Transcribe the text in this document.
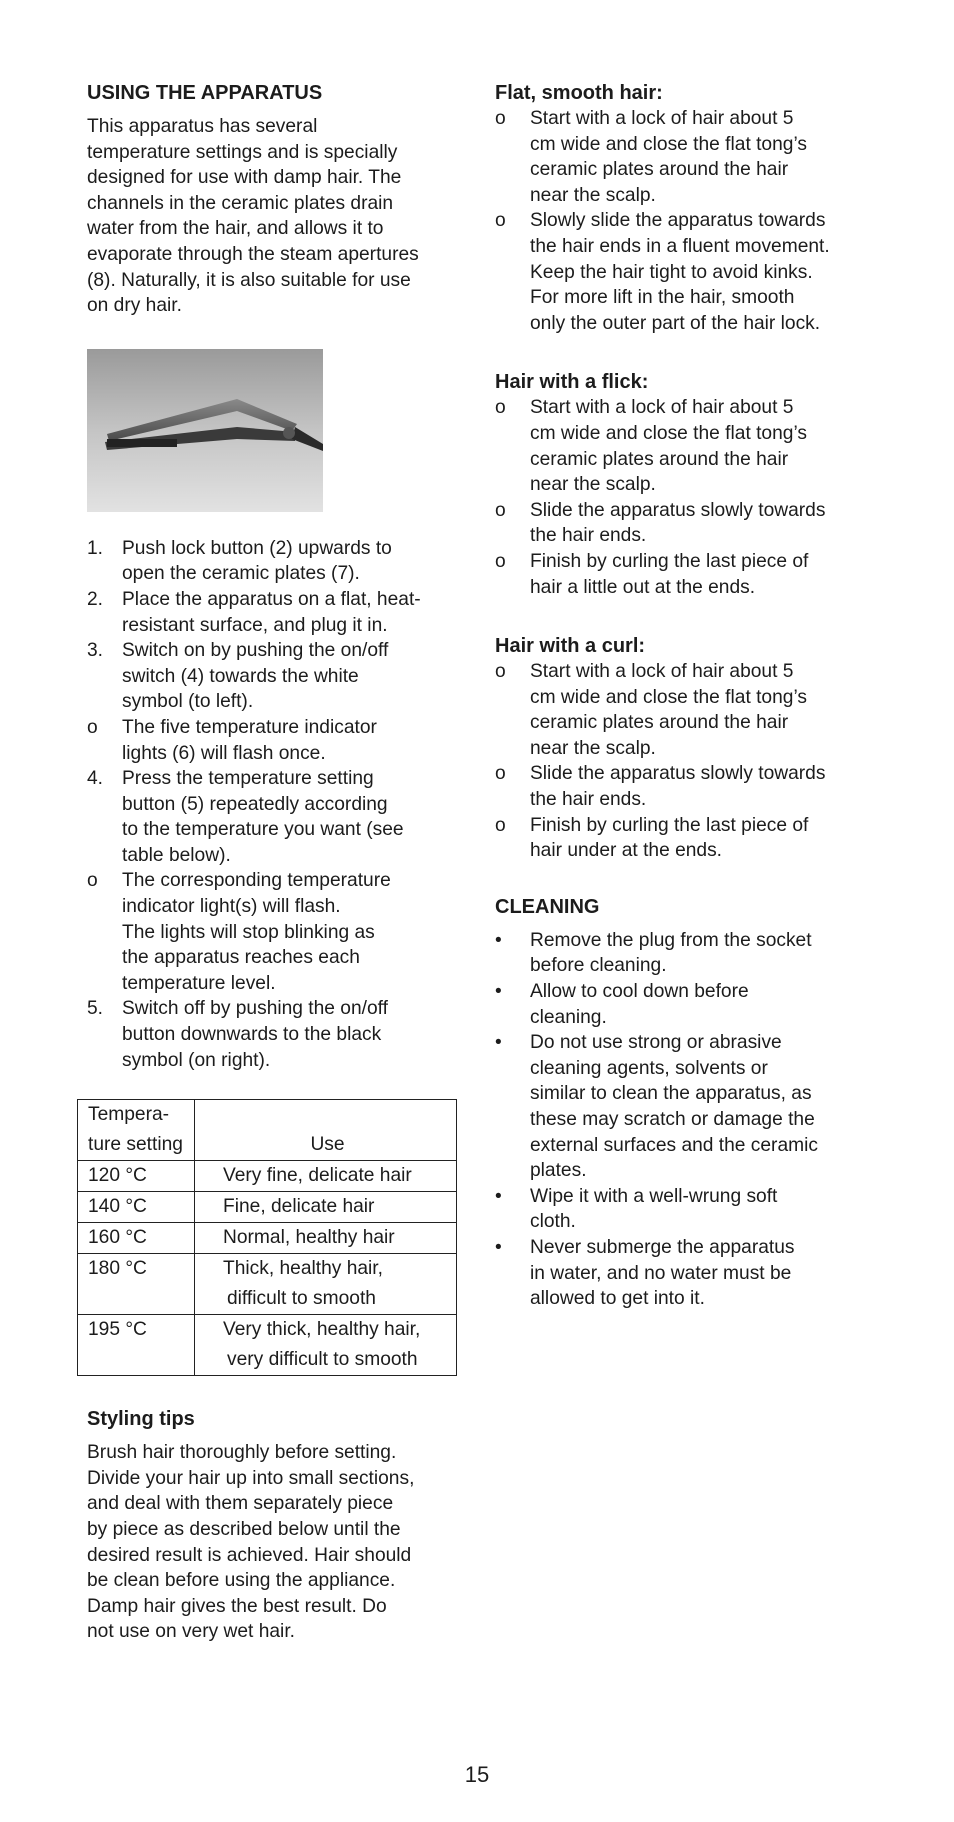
USING THE APPARATUS

This apparatus has several
temperature settings and is specially
designed for use with damp hair. The
channels in the ceramic plates drain
water from the hair, and allows it to
evaporate through the steam apertures
(8). Naturally, it is also suitable for use
on dry hair.
1. Push lock button (2) upwards to
open the ceramic plates (7).
2. Place the apparatus on a flat, heat-
resistant surface, and plug it in.
3. Switch on by pushing the on/off
switch (4) towards the white
symbol (to left).
o The five temperature indicator
lights (6) will flash once.
4. Press the temperature setting
button (5) repeatedly according
to the temperature you want (see
table below).
o The corresponding temperature
indicator light(s) will flash.
The lights will stop blinking as
the apparatus reaches each
temperature level.
5. Switch off by pushing the on/off
button downwards to the black
symbol (on right).
Tempera-
ture setting	Use
120 °C	Very fine, delicate hair

140 °C	Fine, delicate hair

160 °C	Normal, healthy hair

180 °C	Thick, healthy hair,
difficult to smooth

195 °C	Very thick, healthy hair,
very difficult to smooth

Styling tips

Brush hair thoroughly before setting.
Divide your hair up into small sections,
and deal with them separately piece
by piece as described below until the
desired result is achieved. Hair should
be clean before using the appliance.
Damp hair gives the best result. Do
not use on very wet hair.

Flat, smooth hair:

o Start with a lock of hair about 5
cm wide and close the flat tong’s
ceramic plates around the hair
near the scalp.
o Slowly slide the apparatus towards
the hair ends in a fluent movement.
Keep the hair tight to avoid kinks.
For more lift in the hair, smooth
only the outer part of the hair lock.

Hair with a flick:

o Start with a lock of hair about 5
cm wide and close the flat tong’s
ceramic plates around the hair
near the scalp.
o Slide the apparatus slowly towards
the hair ends.
o Finish by curling the last piece of
hair a little out at the ends.

Hair with a curl:

o Start with a lock of hair about 5
cm wide and close the flat tong’s
ceramic plates around the hair
near the scalp.
o Slide the apparatus slowly towards
the hair ends.
o Finish by curling the last piece of
hair under at the ends.

CLEANING

• Remove the plug from the socket
before cleaning.
• Allow to cool down before
cleaning.
• Do not use strong or abrasive
cleaning agents, solvents or
similar to clean the apparatus, as
these may scratch or damage the
external surfaces and the ceramic
plates.
• Wipe it with a well-wrung soft
cloth.
• Never submerge the apparatus
in water, and no water must be
allowed to get into it.
15
